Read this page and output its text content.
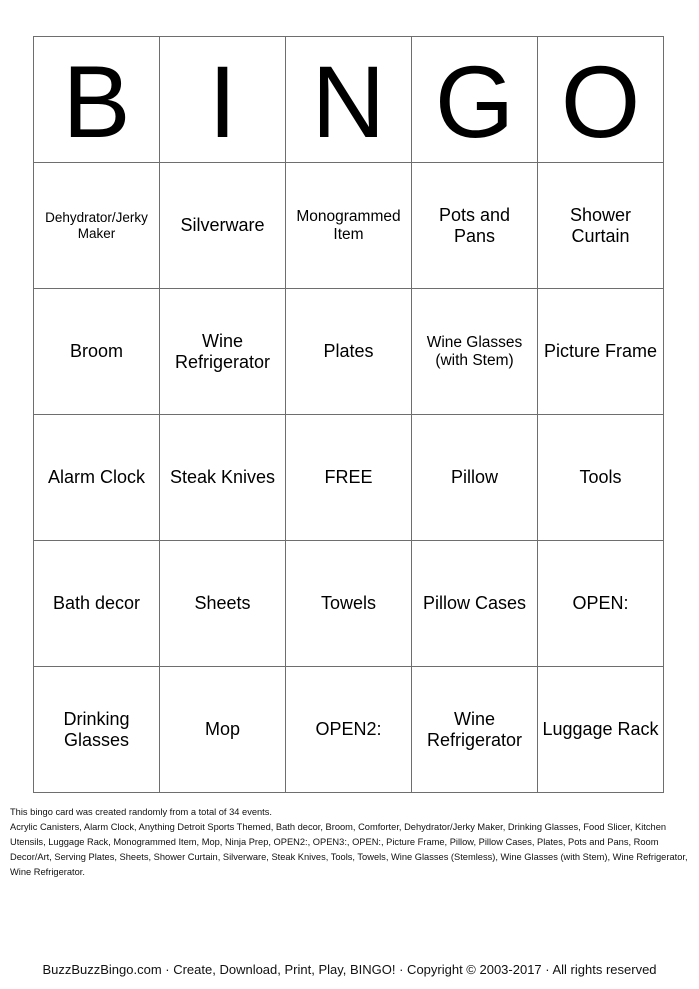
B	I	N	G	O
Dehydrator/Jerky Maker	Silverware	Monogrammed Item	Pots and Pans	Shower Curtain
Broom	Wine Refrigerator	Plates	Wine Glasses (with Stem)	Picture Frame
Alarm Clock	Steak Knives	FREE	Pillow	Tools
Bath decor	Sheets	Towels	Pillow Cases	OPEN:
Drinking Glasses	Mop	OPEN2:	Wine Refrigerator	Luggage Rack
This bingo card was created randomly from a total of 34 events.
Acrylic Canisters, Alarm Clock, Anything Detroit Sports Themed, Bath decor, Broom, Comforter, Dehydrator/Jerky Maker, Drinking Glasses, Food Slicer, Kitchen Utensils, Luggage Rack, Monogrammed Item, Mop, Ninja Prep, OPEN2:, OPEN3:, OPEN:, Picture Frame, Pillow, Pillow Cases, Plates, Pots and Pans, Room Decor/Art, Serving Plates, Sheets, Shower Curtain, Silverware, Steak Knives, Tools, Towels, Wine Glasses (Stemless), Wine Glasses (with Stem), Wine Refrigerator, Wine Refrigerator.
BuzzBuzzBingo.com · Create, Download, Print, Play, BINGO! · Copyright © 2003-2017 · All rights reserved
